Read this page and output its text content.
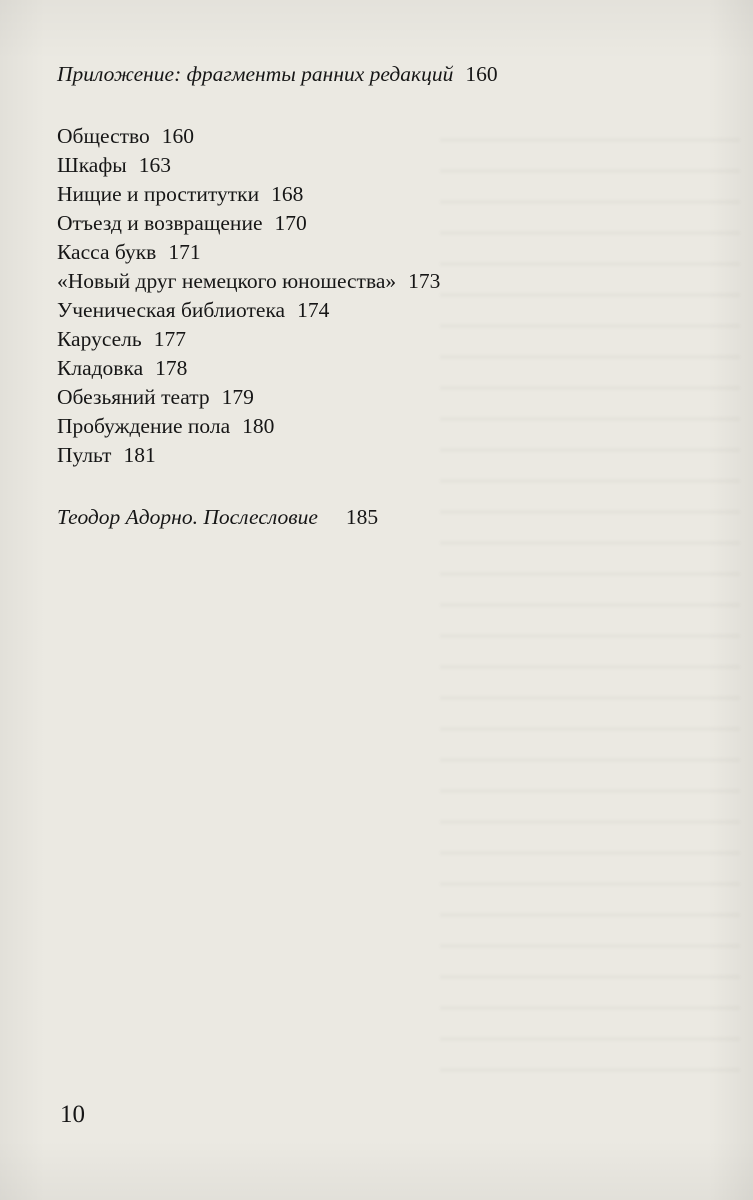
Приложение: фрагменты ранних редакций 160
Общество 160
Шкафы 163
Нищие и проститутки 168
Отъезд и возвращение 170
Касса букв 171
«Новый друг немецкого юношества» 173
Ученическая библиотека 174
Карусель 177
Кладовка 178
Обезьяний театр 179
Пробуждение пола 180
Пульт 181
Теодор Адорно. Послесловие 185
10
